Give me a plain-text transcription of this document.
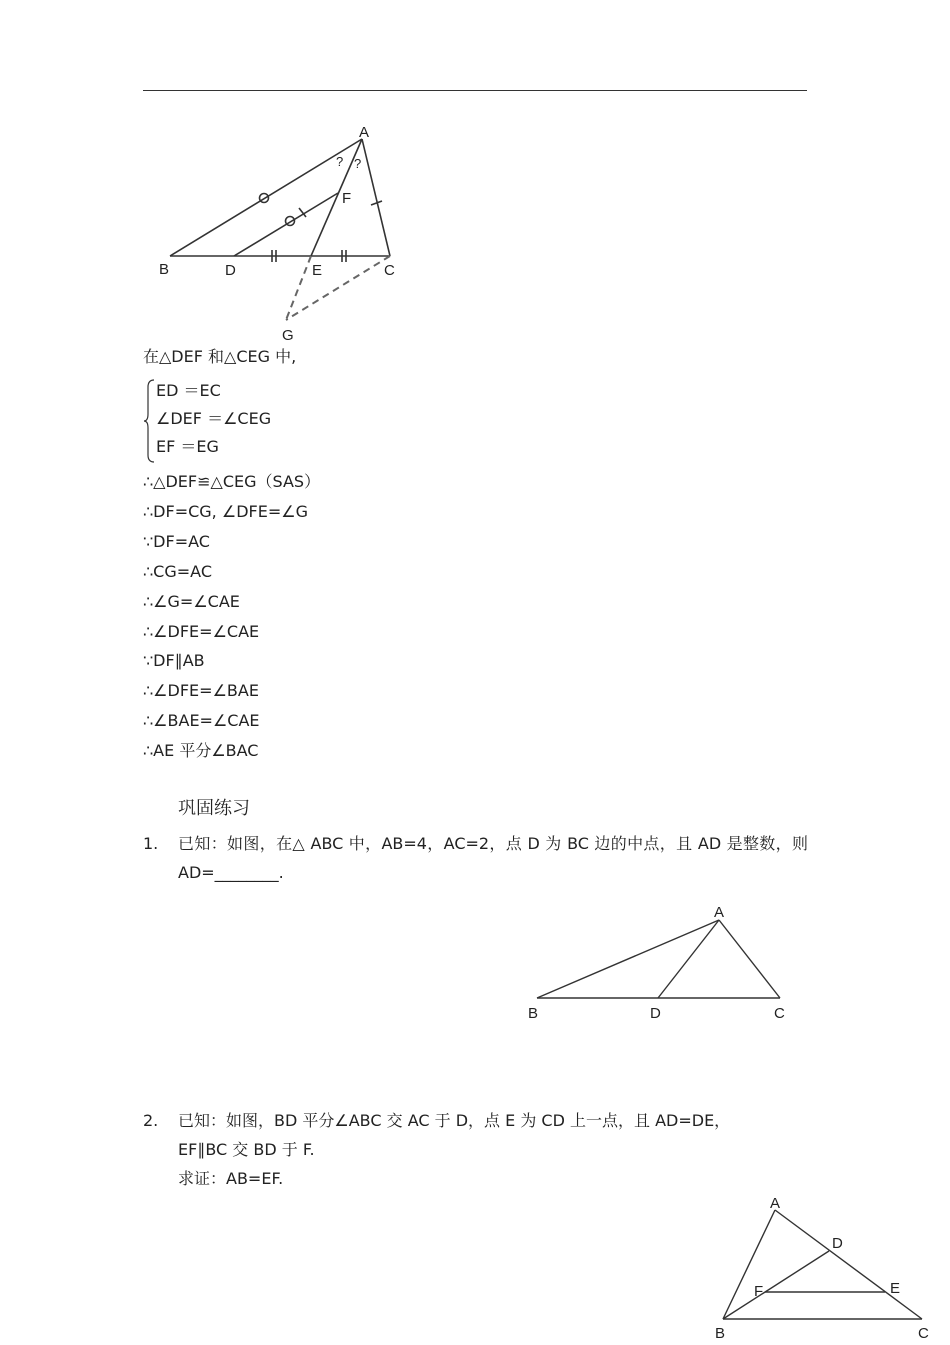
A
B	C
D	E
F
G
? ?
在△DEF 和△CEG 中,
ED ＝EC
∠DEF ＝∠CEG
EF ＝EG
∴△DEF≌△CEG（SAS）
∴DF=CG, ∠DFE=∠G
∵DF=AC
∴CG=AC
∴∠G=∠CAE
∴∠DFE=∠CAE
∵DF∥AB
∴∠DFE=∠BAE
∴∠BAE=∠CAE
∴AE 平分∠BAC
巩固练习
1. 已知：如图，在△ ABC 中，AB=4，AC=2，点 D 为 BC 边的中点，且 AD 是整数，则 AD=________.
A
B	D	C
2. 已知：如图，BD 平分∠ABC 交 AC 于 D，点 E 为 CD 上一点，且 AD=DE，
EF∥BC 交 BD 于 F.
求证：AB=EF.
A
D
E
F
B	C
